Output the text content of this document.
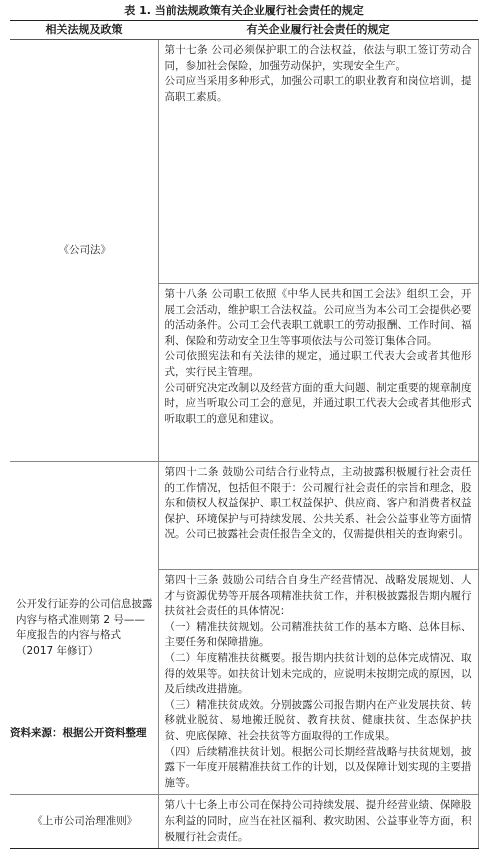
表 1. 当前法规政策有关企业履行社会责任的规定
相关法规及政策	有关企业履行社会责任的规定
《公司法》	第十七条 公司必须保护职工的合法权益，依法与职工签订劳动合同，参加社会保险，加强劳动保护，实现安全生产。

公司应当采用多种形式，加强公司职工的职业教育和岗位培训，提高职工素质。

	第十八条 公司职工依照《中华人民共和国工会法》组织工会，开展工会活动，维护职工合法权益。公司应当为本公司工会提供必要的活动条件。公司工会代表职工就职工的劳动报酬、工作时间、福利、保险和劳动安全卫生等事项依法与公司签订集体合同。

公司依照宪法和有关法律的规定，通过职工代表大会或者其他形式，实行民主管理。

公司研究决定改制以及经营方面的重大问题、制定重要的规章制度时，应当听取公司工会的意见，并通过职工代表大会或者其他形式听取职工的意见和建议。

公开发行证券的公司信息披露内容与格式准则第 2 号——年度报告的内容与格式（2017 年修订）	第四十二条 鼓励公司结合行业特点，主动披露积极履行社会责任的工作情况，包括但不限于：公司履行社会责任的宗旨和理念，股东和债权人权益保护、职工权益保护、供应商、客户和消费者权益保护、环境保护与可持续发展、公共关系、社会公益事业等方面情况。公司已披露社会责任报告全文的，仅需提供相关的查询索引。

	第四十三条 鼓励公司结合自身生产经营情况、战略发展规划、人才与资源优势等开展各项精准扶贫工作，并积极披露报告期内履行扶贫社会责任的具体情况：

（一）精准扶贫规划。公司精准扶贫工作的基本方略、总体目标、主要任务和保障措施。

（二）年度精准扶贫概要。报告期内扶贫计划的总体完成情况、取得的效果等。如扶贫计划未完成的，应说明未按期完成的原因，以及后续改进措施。

（三）精准扶贫成效。分别披露公司报告期内在产业发展扶贫、转移就业脱贫、易地搬迁脱贫、教育扶贫、健康扶贫、生态保护扶贫、兜底保障、社会扶贫等方面取得的工作成果。

（四）后续精准扶贫计划。根据公司长期经营战略与扶贫规划，披露下一年度开展精准扶贫工作的计划，以及保障计划实现的主要措施等。

《上市公司治理准则》	第八十七条上市公司在保持公司持续发展、提升经营业绩、保障股东利益的同时，应当在社区福利、救灾助困、公益事业等方面，积极履行社会责任。

资料来源：根据公开资料整理
